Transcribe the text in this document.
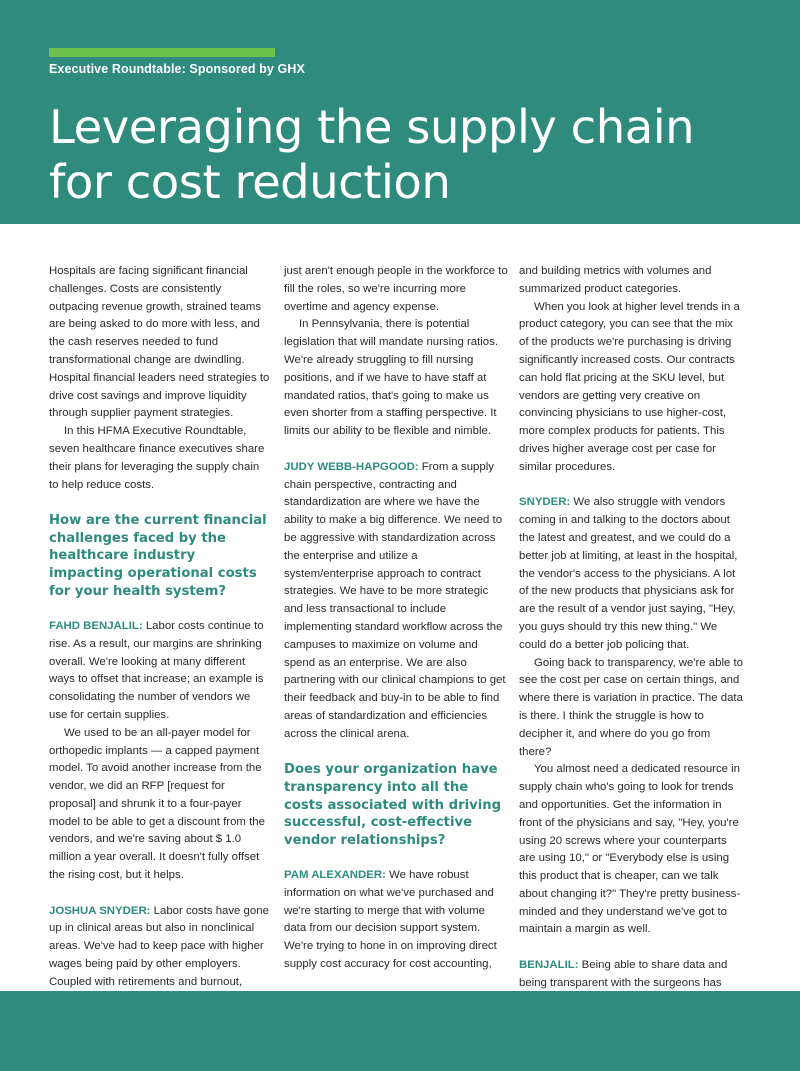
Executive Roundtable: Sponsored by GHX
Leveraging the supply chain for cost reduction

Hospitals are facing significant financial challenges. Costs are consistently outpacing revenue growth, strained teams are being asked to do more with less, and the cash reserves needed to fund transformational change are dwindling. Hospital financial leaders need strategies to drive cost savings and improve liquidity through supplier payment strategies.

In this HFMA Executive Roundtable, seven healthcare finance executives share their plans for leveraging the supply chain to help reduce costs.

How are the current financial challenges faced by the healthcare industry impacting operational costs for your health system?

FAHD BENJALIL: Labor costs continue to rise. As a result, our margins are shrinking overall. We're looking at many different ways to offset that increase; an example is consolidating the number of vendors we use for certain supplies.

We used to be an all-payer model for orthopedic implants — a capped payment model. To avoid another increase from the vendor, we did an RFP [request for proposal] and shrunk it to a four-payer model to be able to get a discount from the vendors, and we're saving about $ 1.0 million a year overall. It doesn't fully offset the rising cost, but it helps.

JOSHUA SNYDER: Labor costs have gone up in clinical areas but also in nonclinical areas. We've had to keep pace with higher wages being paid by other employers. Coupled with retirements and burnout,

just aren't enough people in the workforce to fill the roles, so we're incurring more overtime and agency expense.

In Pennsylvania, there is potential legislation that will mandate nursing ratios. We're already struggling to fill nursing positions, and if we have to have staff at mandated ratios, that's going to make us even shorter from a staffing perspective. It limits our ability to be flexible and nimble.

JUDY WEBB-HAPGOOD: From a supply chain perspective, contracting and standardization are where we have the ability to make a big difference. We need to be aggressive with standardization across the enterprise and utilize a system/enterprise approach to contract strategies. We have to be more strategic and less transactional to include implementing standard workflow across the campuses to maximize on volume and spend as an enterprise. We are also partnering with our clinical champions to get their feedback and buy-in to be able to find areas of standardization and efficiencies across the clinical arena.

Does your organization have transparency into all the costs associated with driving successful, cost-effective vendor relationships?

PAM ALEXANDER: We have robust information on what we've purchased and we're starting to merge that with volume data from our decision support system. We're trying to hone in on improving direct supply cost accuracy for cost accounting,

and building metrics with volumes and summarized product categories.

When you look at higher level trends in a product category, you can see that the mix of the products we're purchasing is driving significantly increased costs. Our contracts can hold flat pricing at the SKU level, but vendors are getting very creative on convincing physicians to use higher-cost, more complex products for patients. This drives higher average cost per case for similar procedures.

SNYDER: We also struggle with vendors coming in and talking to the doctors about the latest and greatest, and we could do a better job at limiting, at least in the hospital, the vendor's access to the physicians. A lot of the new products that physicians ask for are the result of a vendor just saying, "Hey, you guys should try this new thing." We could do a better job policing that.

Going back to transparency, we're able to see the cost per case on certain things, and where there is variation in practice. The data is there. I think the struggle is how to decipher it, and where do you go from there?

You almost need a dedicated resource in supply chain who's going to look for trends and opportunities. Get the information in front of the physicians and say, "Hey, you're using 20 screws where your counterparts are using 10," or "Everybody else is using this product that is cheaper, can we talk about changing it?" They're pretty business-minded and they understand we've got to maintain a margin as well.

BENJALIL: Being able to share data and being transparent with the surgeons has
